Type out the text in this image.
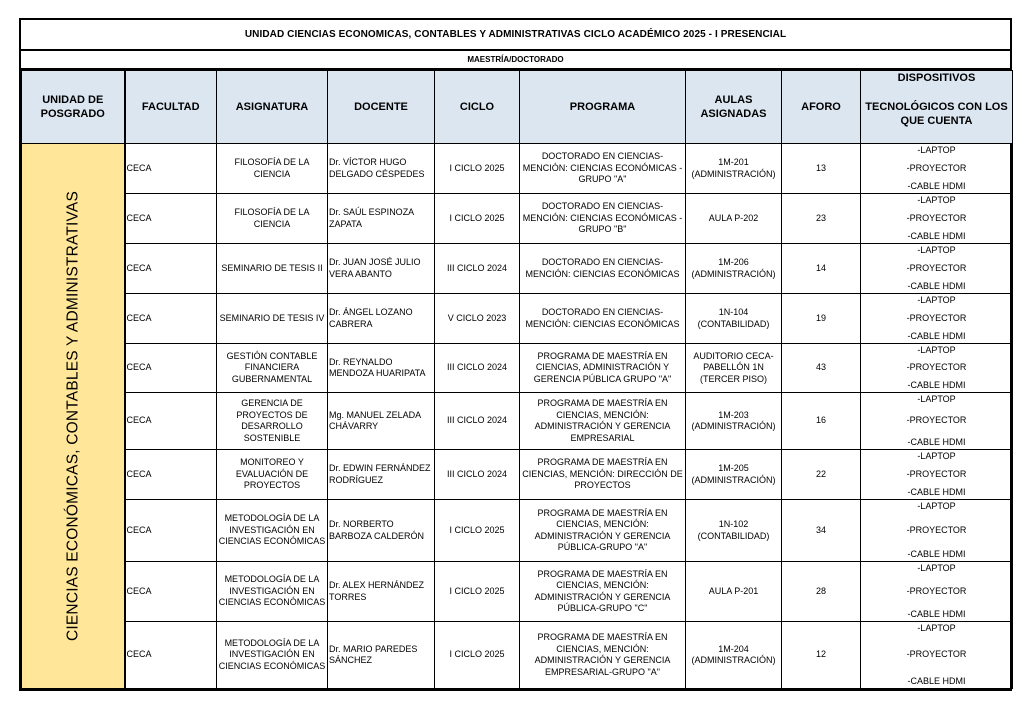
UNIDAD CIENCIAS ECONOMICAS, CONTABLES Y ADMINISTRATIVAS CICLO ACADÉMICO 2025 - I PRESENCIAL
MAESTRÍA/DOCTORADO
UNIDAD DE POSGRADO	FACULTAD	ASIGNATURA	DOCENTE	CICLO	PROGRAMA	AULAS ASIGNADAS	AFORO	DISPOSITIVOS
TECNOLÓGICOS CON LOS QUE CUENTA

CIENCIAS ECONÓMICAS, CONTABLES Y ADMINISTRATIVAS	CECA	FILOSOFÍA DE LA CIENCIA	Dr. VÍCTOR HUGO DELGADO CÉSPEDES	I CICLO 2025	DOCTORADO EN CIENCIAS-MENCIÓN: CIENCIAS ECONÓMICAS - GRUPO "A"	1M-201 (ADMINISTRACIÓN)	13	-LAPTOP
-PROYECTOR
-CABLE HDMI

	CECA	FILOSOFÍA DE LA CIENCIA	Dr. SAÚL ESPINOZA ZAPATA	I CICLO 2025	DOCTORADO EN CIENCIAS-MENCIÓN: CIENCIAS ECONÓMICAS - GRUPO "B"	AULA P-202	23	-LAPTOP
-PROYECTOR
-CABLE HDMI

	CECA	SEMINARIO DE TESIS II	Dr. JUAN JOSÉ JULIO VERA ABANTO	III CICLO 2024	DOCTORADO EN CIENCIAS-MENCIÓN: CIENCIAS ECONÓMICAS	1M-206 (ADMINISTRACIÓN)	14	-LAPTOP
-PROYECTOR
-CABLE HDMI

	CECA	SEMINARIO DE TESIS IV	Dr. ÁNGEL LOZANO CABRERA	V CICLO 2023	DOCTORADO EN CIENCIAS-MENCIÓN: CIENCIAS ECONÓMICAS	1N-104 (CONTABILIDAD)	19	-LAPTOP
-PROYECTOR
-CABLE HDMI

	CECA	GESTIÓN CONTABLE FINANCIERA GUBERNAMENTAL	Dr. REYNALDO MENDOZA HUARIPATA	III CICLO 2024	PROGRAMA DE MAESTRÍA EN CIENCIAS, ADMINISTRACIÓN Y GERENCIA PÚBLICA GRUPO "A"	AUDITORIO CECA-PABELLÓN 1N (TERCER PISO)	43	-LAPTOP
-PROYECTOR
-CABLE HDMI

	CECA	GERENCIA DE PROYECTOS DE DESARROLLO SOSTENIBLE	Mg. MANUEL ZELADA CHÁVARRY	III CICLO 2024	PROGRAMA DE MAESTRÍA EN CIENCIAS, MENCIÓN: ADMINISTRACIÓN Y GERENCIA EMPRESARIAL	1M-203 (ADMINISTRACIÓN)	16	-LAPTOP
-PROYECTOR
-CABLE HDMI

	CECA	MONITOREO Y EVALUACIÓN DE PROYECTOS	Dr. EDWIN FERNÁNDEZ RODRÍGUEZ	III CICLO 2024	PROGRAMA DE MAESTRÍA EN CIENCIAS, MENCIÓN: DIRECCIÓN DE PROYECTOS	1M-205 (ADMINISTRACIÓN)	22	-LAPTOP
-PROYECTOR
-CABLE HDMI

	CECA	METODOLOGÍA DE LA INVESTIGACIÓN EN CIENCIAS ECONÓMICAS	Dr. NORBERTO BARBOZA CALDERÓN	I CICLO 2025	PROGRAMA DE MAESTRÍA EN CIENCIAS, MENCIÓN: ADMINISTRACIÓN Y GERENCIA PÚBLICA-GRUPO "A"	1N-102 (CONTABILIDAD)	34	-LAPTOP
-PROYECTOR
-CABLE HDMI

	CECA	METODOLOGÍA DE LA INVESTIGACIÓN EN CIENCIAS ECONÓMICAS	Dr. ALEX HERNÁNDEZ TORRES	I CICLO 2025	PROGRAMA DE MAESTRÍA EN CIENCIAS, MENCIÓN: ADMINISTRACIÓN Y GERENCIA PÚBLICA-GRUPO "C"	AULA P-201	28	-LAPTOP
-PROYECTOR
-CABLE HDMI

	CECA	METODOLOGÍA DE LA INVESTIGACIÓN EN CIENCIAS ECONÓMICAS	Dr. MARIO PAREDES SÁNCHEZ	I CICLO 2025	PROGRAMA DE MAESTRÍA EN CIENCIAS, MENCIÓN: ADMINISTRACIÓN Y GERENCIA EMPRESARIAL-GRUPO "A"	1M-204 (ADMINISTRACIÓN)	12	-LAPTOP
-PROYECTOR
-CABLE HDMI
